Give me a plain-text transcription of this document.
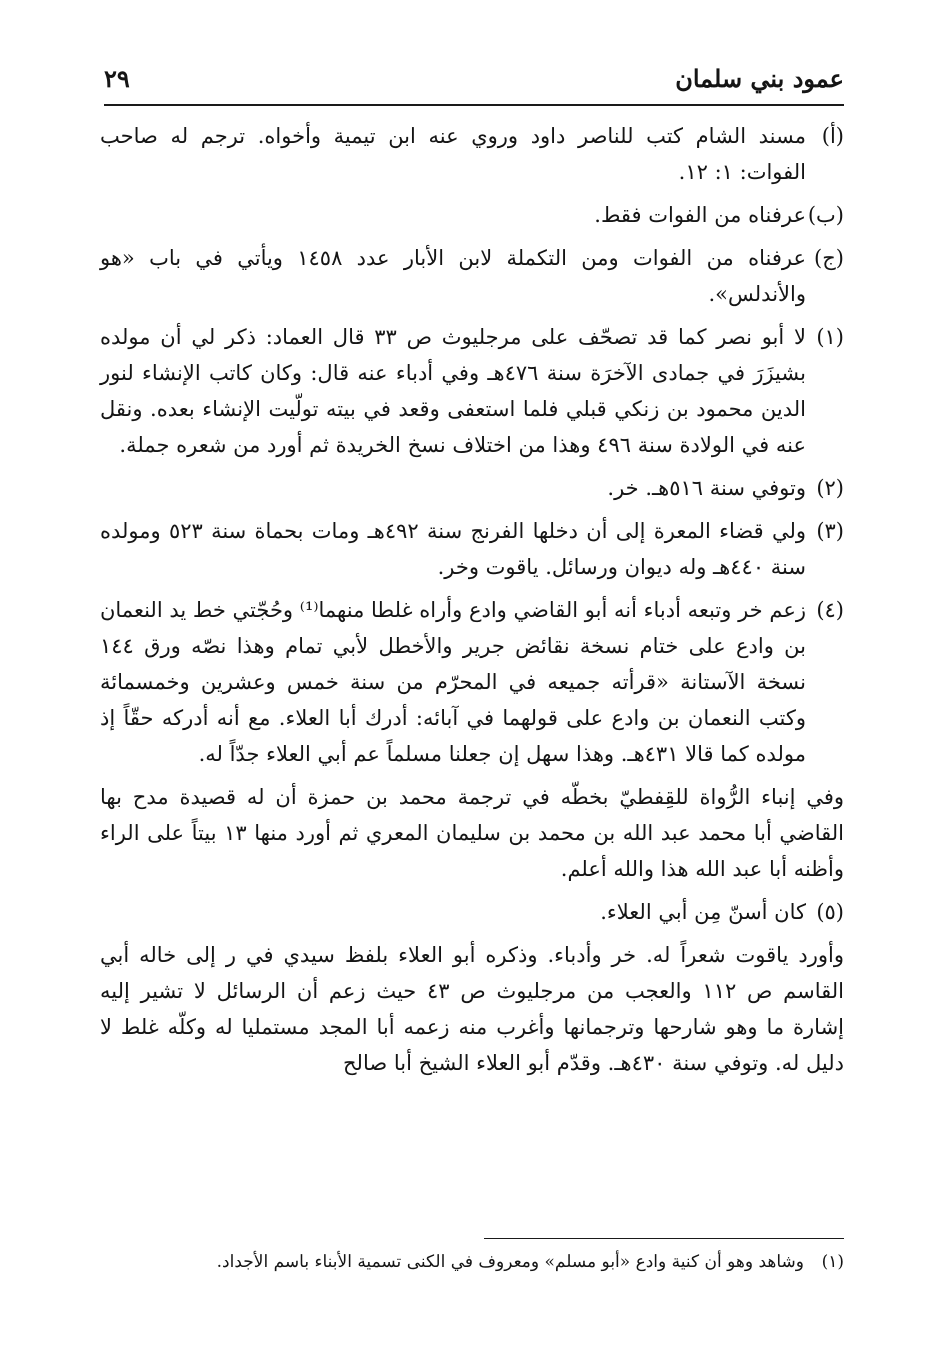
عمود بني سلمان
٢٩
(أ)
مسند الشام كتب للناصر داود وروي عنه ابن تيمية وأخواه. ترجم له صاحب الفوات: ١: ١٢.
(ب)
عرفناه من الفوات فقط.
(ج)
عرفناه من الفوات ومن التكملة لابن الأبار عدد ١٤٥٨ ويأتي في باب «هو والأندلس».
(١)
لا أبو نصر كما قد تصحّف على مرجليوث ص ٣٣ قال العماد: ذكر لي أن مولده بشيزَرَ في جمادى الآخرَة سنة ٤٧٦هـ وفي أدباء عنه قال: وكان كاتب الإنشاء لنور الدين محمود بن زنكي قبلي فلما استعفى وقعد في بيته تولّيت الإنشاء بعده. ونقل عنه في الولادة سنة ٤٩٦ وهذا من اختلاف نسخ الخريدة ثم أورد من شعره جملة.
(٢)
وتوفي سنة ٥١٦هـ. خر.
(٣)
ولي قضاء المعرة إلى أن دخلها الفرنج سنة ٤٩٢هـ ومات بحماة سنة ٥٢٣ ومولده سنة ٤٤٠هـ وله ديوان ورسائل. ياقوت وخر.
(٤)
زعم خر وتبعه أدباء أنه أبو القاضي وادع وأراه غلطا منهما⁽¹⁾ وحُجّتي خط يد النعمان بن وادع على ختام نسخة نقائض جرير والأخطل لأبي تمام وهذا نصّه ورق ١٤٤ نسخة الآستانة «قرأته جميعه في المحرّم من سنة خمس وعشرين وخمسمائة وكتب النعمان بن وادع على قولهما في آبائه: أدرك أبا العلاء. مع أنه أدركه حقّاً إذ مولده كما قالا ٤٣١هـ. وهذا سهل إن جعلنا مسلماً عم أبي العلاء جدّاً له.

وفي إنباء الرُّواة للقِفطيّ بخطّه في ترجمة محمد بن حمزة أن له قصيدة مدح بها القاضي أبا محمد عبد الله بن محمد بن سليمان المعري ثم أورد منها ١٣ بيتاً على الراء وأظنه أبا عبد الله هذا والله أعلم.

(٥)
كان أسنّ مِن أبي العلاء.

وأورد ياقوت شعراً له. خر وأدباء. وذكره أبو العلاء بلفظ سيدي في ر إلى خاله أبي القاسم ص ١١٢ والعجب من مرجليوث ص ٤٣ حيث زعم أن الرسائل لا تشير إليه إشارة ما وهو شارحها وترجمانها وأغرب منه زعمه أبا المجد مستمليا له وكلّه غلط لا دليل له. وتوفي سنة ٤٣٠هـ. وقدّم أبو العلاء الشيخ أبا صالح

(١)
وشاهد وهو أن كنية وادع «أبو مسلم» ومعروف في الكنى تسمية الأبناء باسم الأجداد.
